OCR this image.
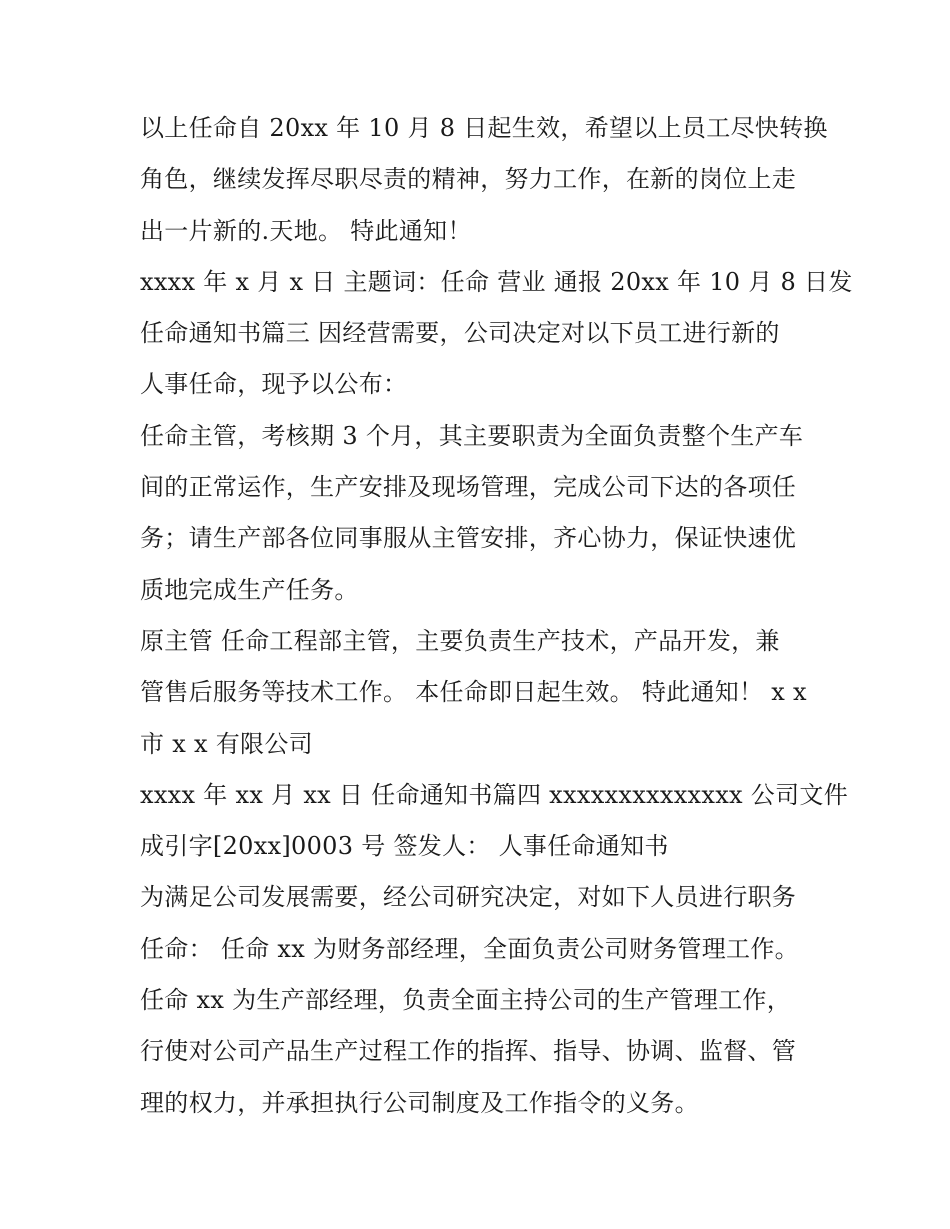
以上任命自 20xx 年 10 月 8 日起生效，希望以上员工尽快转换
角色，继续发挥尽职尽责的精神，努力工作，在新的岗位上走
出一片新的.天地。 特此通知！
xxxx 年 x 月 x 日 主题词：任命 营业 通报 20xx 年 10 月 8 日发
任命通知书篇三 因经营需要，公司决定对以下员工进行新的
人事任命，现予以公布：
任命主管，考核期 3 个月，其主要职责为全面负责整个生产车
间的正常运作，生产安排及现场管理，完成公司下达的各项任
务；请生产部各位同事服从主管安排，齐心协力，保证快速优
质地完成生产任务。
原主管 任命工程部主管，主要负责生产技术，产品开发，兼
管售后服务等技术工作。 本任命即日起生效。 特此通知！ x x
市 x x 有限公司
xxxx 年 xx 月 xx 日 任命通知书篇四 xxxxxxxxxxxxxx 公司文件
成引字[20xx]0003 号 签发人： 人事任命通知书
为满足公司发展需要，经公司研究决定，对如下人员进行职务
任命： 任命 xx 为财务部经理，全面负责公司财务管理工作。
任命 xx 为生产部经理，负责全面主持公司的生产管理工作，
行使对公司产品生产过程工作的指挥、指导、协调、监督、管
理的权力，并承担执行公司制度及工作指令的义务。
